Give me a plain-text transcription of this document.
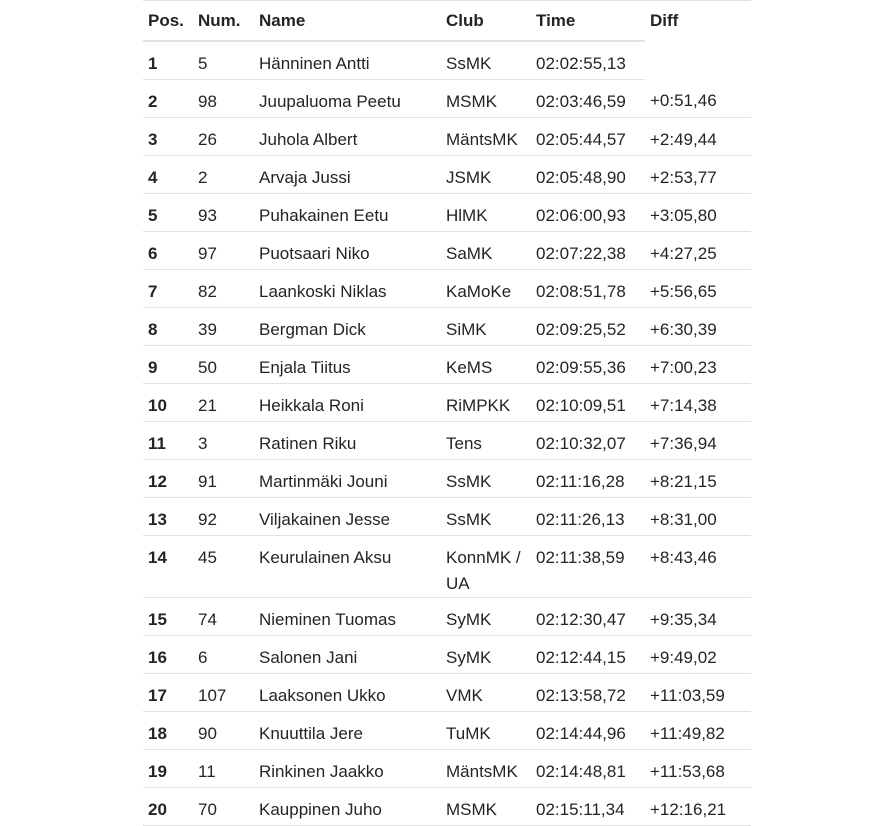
Pos.	Num.	Name	Club	Time	Diff
1	5	Hänninen Antti	SsMK	02:02:55,13	
2	98	Juupaluoma Peetu	MSMK	02:03:46,59	+0:51,46
3	26	Juhola Albert	MäntsMK	02:05:44,57	+2:49,44
4	2	Arvaja Jussi	JSMK	02:05:48,90	+2:53,77
5	93	Puhakainen Eetu	HlMK	02:06:00,93	+3:05,80
6	97	Puotsaari Niko	SaMK	02:07:22,38	+4:27,25
7	82	Laankoski Niklas	KaMoKe	02:08:51,78	+5:56,65
8	39	Bergman Dick	SiMK	02:09:25,52	+6:30,39
9	50	Enjala Tiitus	KeMS	02:09:55,36	+7:00,23
10	21	Heikkala Roni	RiMPKK	02:10:09,51	+7:14,38
11	3	Ratinen Riku	Tens	02:10:32,07	+7:36,94
12	91	Martinmäki Jouni	SsMK	02:11:16,28	+8:21,15
13	92	Viljakainen Jesse	SsMK	02:11:26,13	+8:31,00
14	45	Keurulainen Aksu	KonnMK / UA	02:11:38,59	+8:43,46
15	74	Nieminen Tuomas	SyMK	02:12:30,47	+9:35,34
16	6	Salonen Jani	SyMK	02:12:44,15	+9:49,02
17	107	Laaksonen Ukko	VMK	02:13:58,72	+11:03,59
18	90	Knuuttila Jere	TuMK	02:14:44,96	+11:49,82
19	11	Rinkinen Jaakko	MäntsMK	02:14:48,81	+11:53,68
20	70	Kauppinen Juho	MSMK	02:15:11,34	+12:16,21
